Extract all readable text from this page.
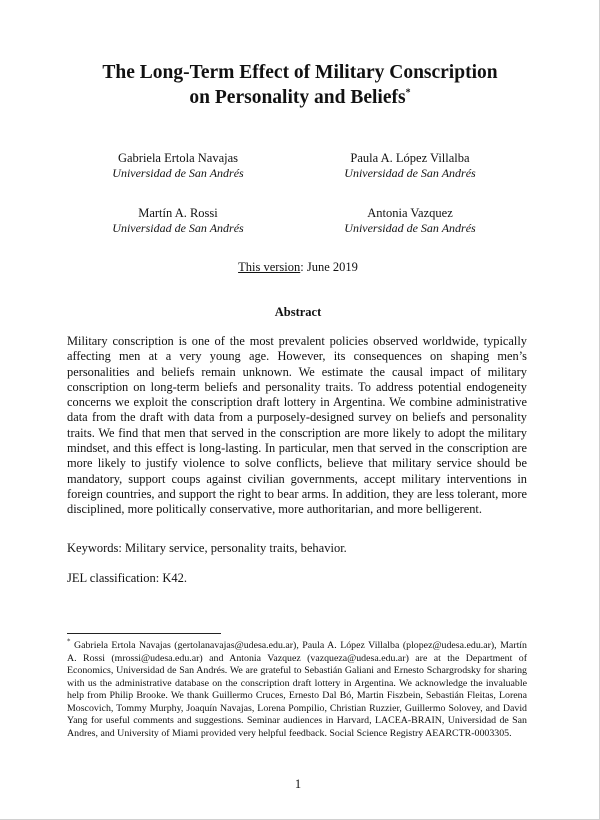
The Long-Term Effect of Military Conscription
on Personality and Beliefs*
Gabriela Ertola Navajas
Universidad de San Andrés
Paula A. López Villalba
Universidad de San Andrés
Martín A. Rossi
Universidad de San Andrés
Antonia Vazquez
Universidad de San Andrés
This version: June 2019
Abstract

Military conscription is one of the most prevalent policies observed worldwide, typically affecting men at a very young age. However, its consequences on shaping men’s personalities and beliefs remain unknown. We estimate the causal impact of military conscription on long-term beliefs and personality traits. To address potential endogeneity concerns we exploit the conscription draft lottery in Argentina. We combine administrative data from the draft with data from a purposely-designed survey on beliefs and personality traits. We find that men that served in the conscription are more likely to adopt the military mindset, and this effect is long-lasting. In particular, men that served in the conscription are more likely to justify violence to solve conflicts, believe that military service should be mandatory, support coups against civilian governments, accept military interventions in foreign countries, and support the right to bear arms. In addition, they are less tolerant, more disciplined, more politically conservative, more authoritarian, and more belligerent.

Keywords: Military service, personality traits, behavior.
JEL classification: K42.

* Gabriela Ertola Navajas (gertolanavajas@udesa.edu.ar), Paula A. López Villalba (plopez@udesa.edu.ar), Martín A. Rossi (mrossi@udesa.edu.ar) and Antonia Vazquez (vazqueza@udesa.edu.ar) are at the Department of Economics, Universidad de San Andrés. We are grateful to Sebastián Galiani and Ernesto Schargrodsky for sharing with us the administrative database on the conscription draft lottery in Argentina. We acknowledge the invaluable help from Philip Brooke. We thank Guillermo Cruces, Ernesto Dal Bó, Martin Fiszbein, Sebastián Fleitas, Lorena Moscovich, Tommy Murphy, Joaquín Navajas, Lorena Pompilio, Christian Ruzzier, Guillermo Solovey, and David Yang for useful comments and suggestions. Seminar audiences in Harvard, LACEA-BRAIN, Universidad de San Andres, and University of Miami provided very helpful feedback. Social Science Registry AEARCTR-0003305.

1
